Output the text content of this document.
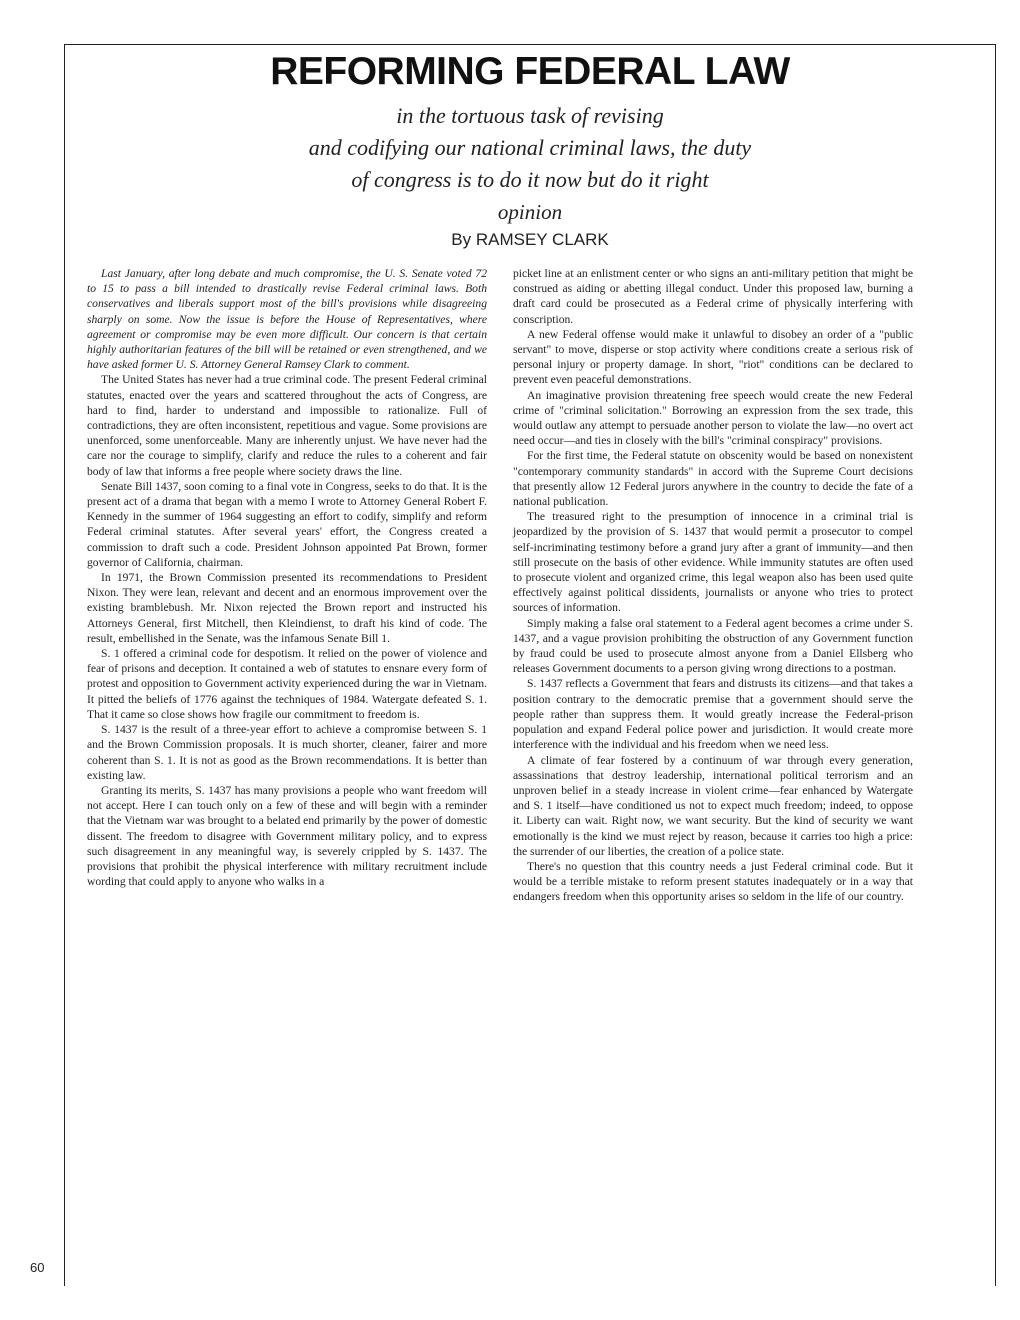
REFORMING FEDERAL LAW
in the tortuous task of revising
and codifying our national criminal laws, the duty
of congress is to do it now but do it right
opinion
By RAMSEY CLARK

Last January, after long debate and much compromise, the U. S. Senate voted 72 to 15 to pass a bill intended to drastically revise Federal criminal laws. Both conservatives and liberals support most of the bill's provisions while disagreeing sharply on some. Now the issue is before the House of Representatives, where agreement or compromise may be even more difficult. Our concern is that certain highly authoritarian features of the bill will be retained or even strengthened, and we have asked former U. S. Attorney General Ramsey Clark to comment.

The United States has never had a true criminal code. The present Federal criminal statutes, enacted over the years and scattered throughout the acts of Congress, are hard to find, harder to understand and impossible to rationalize. Full of contradictions, they are often inconsistent, repetitious and vague. Some provisions are unenforced, some unenforceable. Many are inherently unjust. We have never had the care nor the courage to simplify, clarify and reduce the rules to a coherent and fair body of law that informs a free people where society draws the line.

Senate Bill 1437, soon coming to a final vote in Congress, seeks to do that. It is the present act of a drama that began with a memo I wrote to Attorney General Robert F. Kennedy in the summer of 1964 suggesting an effort to codify, simplify and reform Federal criminal statutes. After several years' effort, the Congress created a commission to draft such a code. President Johnson appointed Pat Brown, former governor of California, chairman.

In 1971, the Brown Commission presented its recommendations to President Nixon. They were lean, relevant and decent and an enormous improvement over the existing bramblebush. Mr. Nixon rejected the Brown report and instructed his Attorneys General, first Mitchell, then Kleindienst, to draft his kind of code. The result, embellished in the Senate, was the infamous Senate Bill 1.

S. 1 offered a criminal code for despotism. It relied on the power of violence and fear of prisons and deception. It contained a web of statutes to ensnare every form of protest and opposition to Government activity experienced during the war in Vietnam. It pitted the beliefs of 1776 against the techniques of 1984. Watergate defeated S. 1. That it came so close shows how fragile our commitment to freedom is.

S. 1437 is the result of a three-year effort to achieve a compromise between S. 1 and the Brown Commission proposals. It is much shorter, cleaner, fairer and more coherent than S. 1. It is not as good as the Brown recommendations. It is better than existing law.

Granting its merits, S. 1437 has many provisions a people who want freedom will not accept. Here I can touch only on a few of these and will begin with a reminder that the Vietnam war was brought to a belated end primarily by the power of domestic dissent. The freedom to disagree with Government military policy, and to express such disagreement in any meaningful way, is severely crippled by S. 1437. The provisions that prohibit the physical interference with military recruitment include wording that could apply to anyone who walks in a

picket line at an enlistment center or who signs an anti-military petition that might be construed as aiding or abetting illegal conduct. Under this proposed law, burning a draft card could be prosecuted as a Federal crime of physically interfering with conscription.

A new Federal offense would make it unlawful to disobey an order of a "public servant" to move, disperse or stop activity where conditions create a serious risk of personal injury or property damage. In short, "riot" conditions can be declared to prevent even peaceful demonstrations.

An imaginative provision threatening free speech would create the new Federal crime of "criminal solicitation." Borrowing an expression from the sex trade, this would outlaw any attempt to persuade another person to violate the law—no overt act need occur—and ties in closely with the bill's "criminal conspiracy" provisions.

For the first time, the Federal statute on obscenity would be based on nonexistent "contemporary community standards" in accord with the Supreme Court decisions that presently allow 12 Federal jurors anywhere in the country to decide the fate of a national publication.

The treasured right to the presumption of innocence in a criminal trial is jeopardized by the provision of S. 1437 that would permit a prosecutor to compel self-incriminating testimony before a grand jury after a grant of immunity—and then still prosecute on the basis of other evidence. While immunity statutes are often used to prosecute violent and organized crime, this legal weapon also has been used quite effectively against political dissidents, journalists or anyone who tries to protect sources of information.

Simply making a false oral statement to a Federal agent becomes a crime under S. 1437, and a vague provision prohibiting the obstruction of any Government function by fraud could be used to prosecute almost anyone from a Daniel Ellsberg who releases Government documents to a person giving wrong directions to a postman.

S. 1437 reflects a Government that fears and distrusts its citizens—and that takes a position contrary to the democratic premise that a government should serve the people rather than suppress them. It would greatly increase the Federal-prison population and expand Federal police power and jurisdiction. It would create more interference with the individual and his freedom when we need less.

A climate of fear fostered by a continuum of war through every generation, assassinations that destroy leadership, international political terrorism and an unproven belief in a steady increase in violent crime—fear enhanced by Watergate and S. 1 itself—have conditioned us not to expect much freedom; indeed, to oppose it. Liberty can wait. Right now, we want security. But the kind of security we want emotionally is the kind we must reject by reason, because it carries too high a price: the surrender of our liberties, the creation of a police state.

There's no question that this country needs a just Federal criminal code. But it would be a terrible mistake to reform present statutes inadequately or in a way that endangers freedom when this opportunity arises so seldom in the life of our country.

60
